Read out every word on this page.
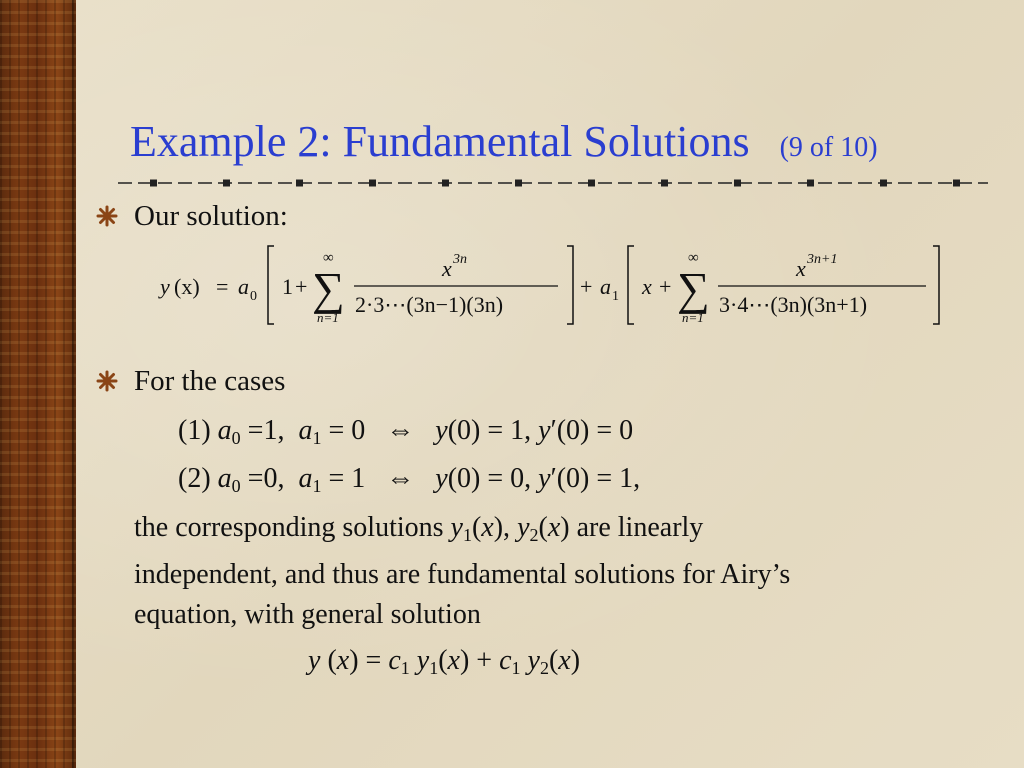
Example 2: Fundamental Solutions (9 of 10)
Our solution:
y (x) = a 0 1 + ∑
∞
n=1
x 3n
2·3⋯(3n−1)(3n)
+ a 1 x + ∑
∞
n=1
x 3n+1
3·4⋯(3n)(3n+1)
For the cases
(1) $a_0 =1$, $a_1 = 0$ ⇔ y(0) = 1, y′(0) = 0
(2) $a_0 =0$, $a_1 = 1$ ⇔ y(0) = 0, y′(0) = 1,
the corresponding solutions $y_1(x)$, $y_2(x)$ are linearly
independent, and thus are fundamental solutions for Airy’s
equation, with general solution
y $(x) = c_1$ $y_1(x) + c_1$ $y_2(x)$
